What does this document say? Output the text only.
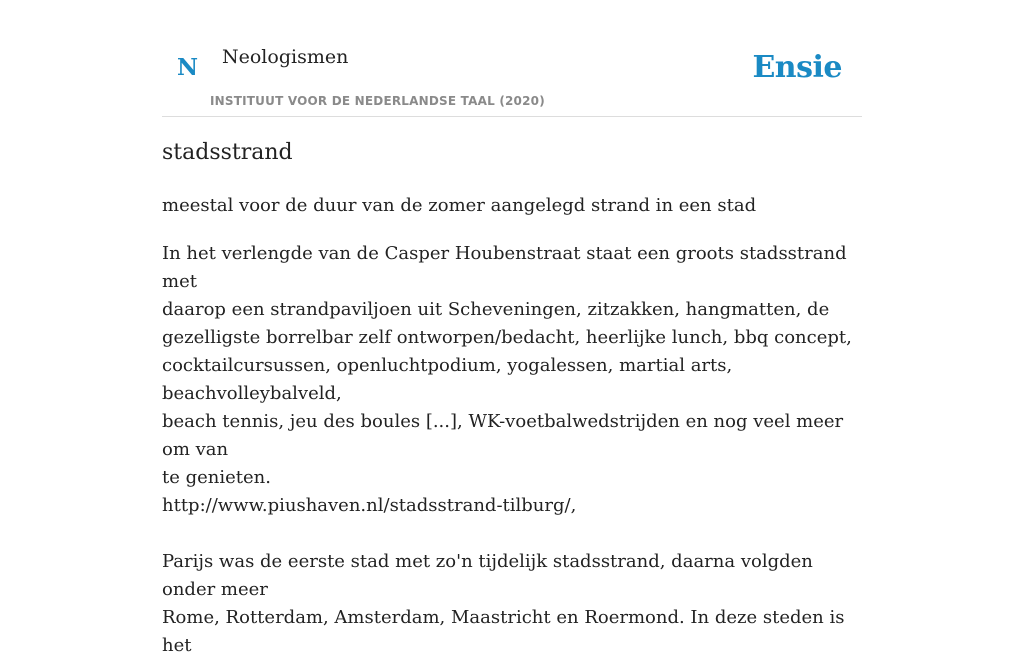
N Neologismen
INSTITUUT VOOR DE NEDERLANDSE TAAL (2020)
Ensie
stadsstrand
meestal voor de duur van de zomer aangelegd strand in een stad

In het verlengde van de Casper Houbenstraat staat een groots stadsstrand met

daarop een strandpaviljoen uit Scheveningen, zitzakken, hangmatten, de

gezelligste borrelbar zelf ontworpen/bedacht, heerlijke lunch, bbq concept,

cocktailcursussen, openluchtpodium, yogalessen, martial arts, beachvolleybalveld,

beach tennis, jeu des boules [...], WK-voetbalwedstrijden en nog veel meer om van

te genieten.

http://www.piushaven.nl/stadsstrand-tilburg/,

Parijs was de eerste stad met zo'n tijdelijk stadsstrand, daarna volgden onder meer

Rome, Rotterdam, Amsterdam, Maastricht en Roermond. In deze steden is het
